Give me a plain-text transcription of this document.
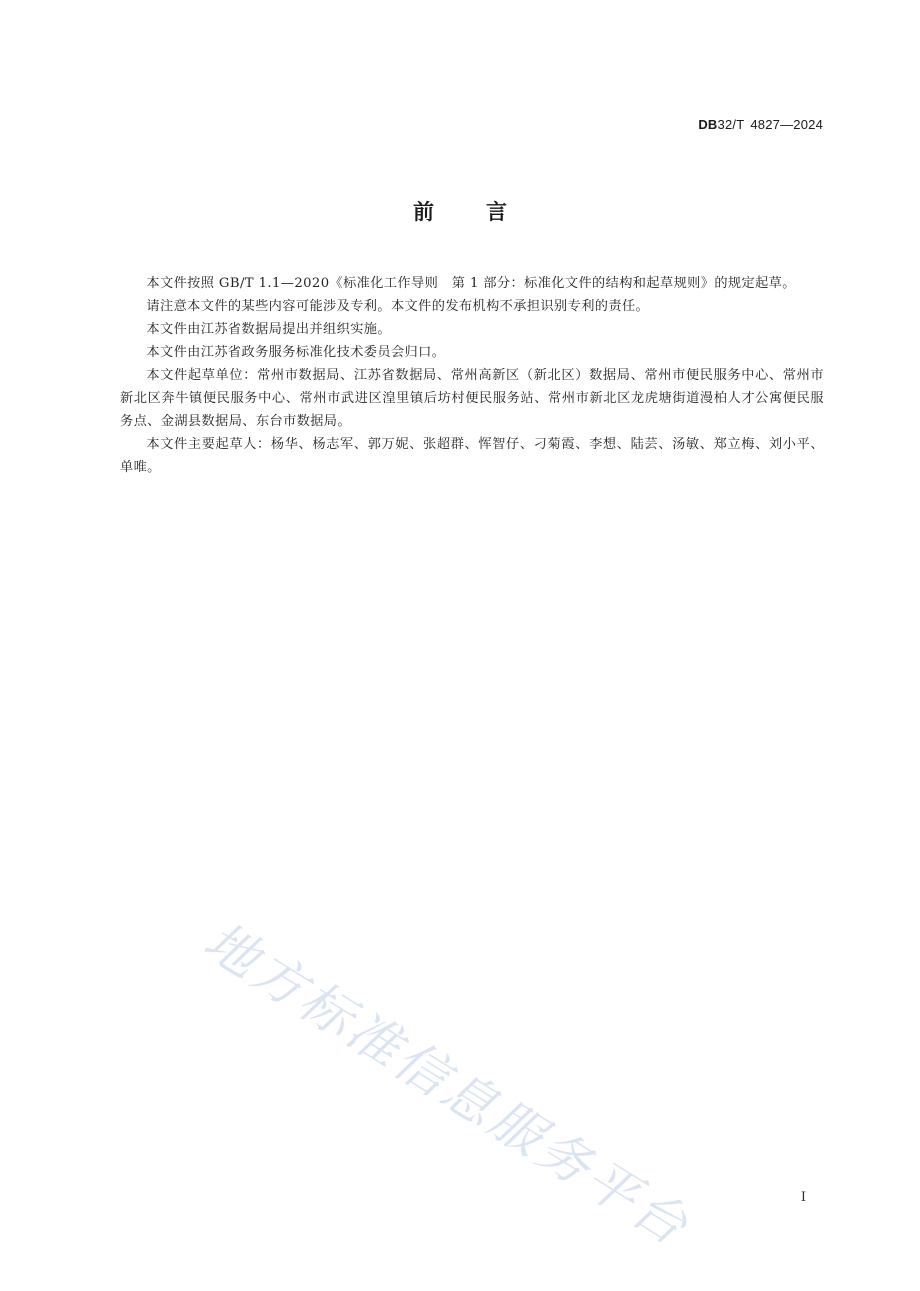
DB32/T 4827—2024
前言

本文件按照 GB/T 1.1—2020《标准化工作导则　第 1 部分：标准化文件的结构和起草规则》的规定起草。

请注意本文件的某些内容可能涉及专利。本文件的发布机构不承担识别专利的责任。

本文件由江苏省数据局提出并组织实施。

本文件由江苏省政务服务标准化技术委员会归口。

本文件起草单位：常州市数据局、江苏省数据局、常州高新区（新北区）数据局、常州市便民服务中心、常州市新北区奔牛镇便民服务中心、常州市武进区湟里镇后坊村便民服务站、常州市新北区龙虎塘街道漫柏人才公寓便民服务点、金湖县数据局、东台市数据局。

本文件主要起草人：杨华、杨志军、郭万妮、张超群、恽智仔、刁菊霞、李想、陆芸、汤敏、郑立梅、刘小平、单唯。

地方标准信息服务平台	I
